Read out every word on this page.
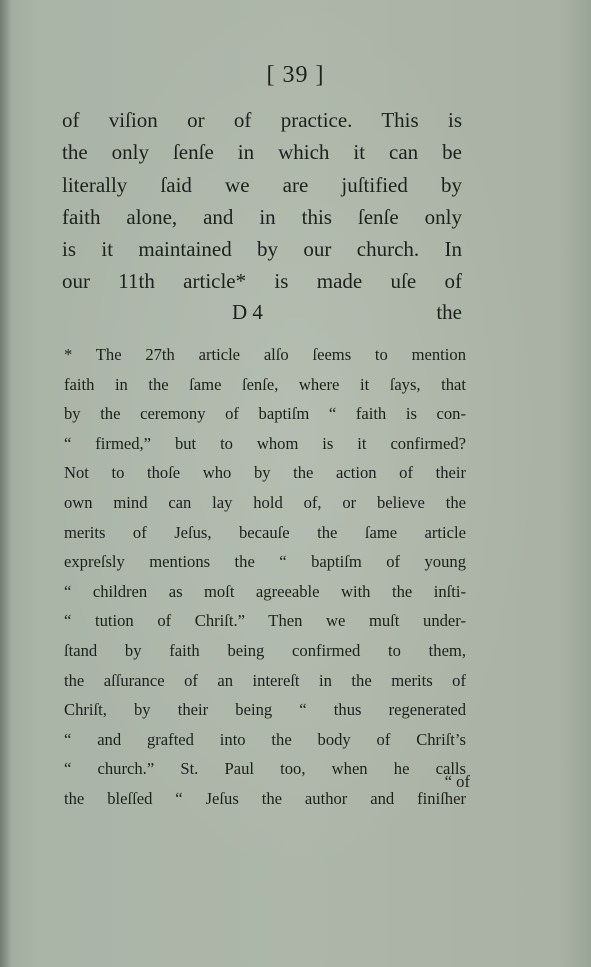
[ 39 ]
of viſion or of practice. This is
the only ſenſe in which it can be
literally ſaid we are juſtified by
faith alone, and in this ſenſe only
is it maintained by our church. In
our 11th article* is made uſe of
D 4	the
* The 27th article alſo ſeems to mention
faith in the ſame ſenſe, where it ſays, that
by the ceremony of baptiſm “ faith is con-
“ firmed,” but to whom is it confirmed?
Not to thoſe who by the action of their
own mind can lay hold of, or believe the
merits of Jeſus, becauſe the ſame article
expreſsly mentions the “ baptiſm of young
“ children as moſt agreeable with the inſti-
“ tution of Chriſt.” Then we muſt under-
ſtand by faith being confirmed to them,
the aſſurance of an intereſt in the merits of
Chriſt, by their being “ thus regenerated
“ and grafted into the body of Chriſt’s
“ church.” St. Paul too, when he calls
the bleſſed “ Jeſus the author and finiſher
“ of
